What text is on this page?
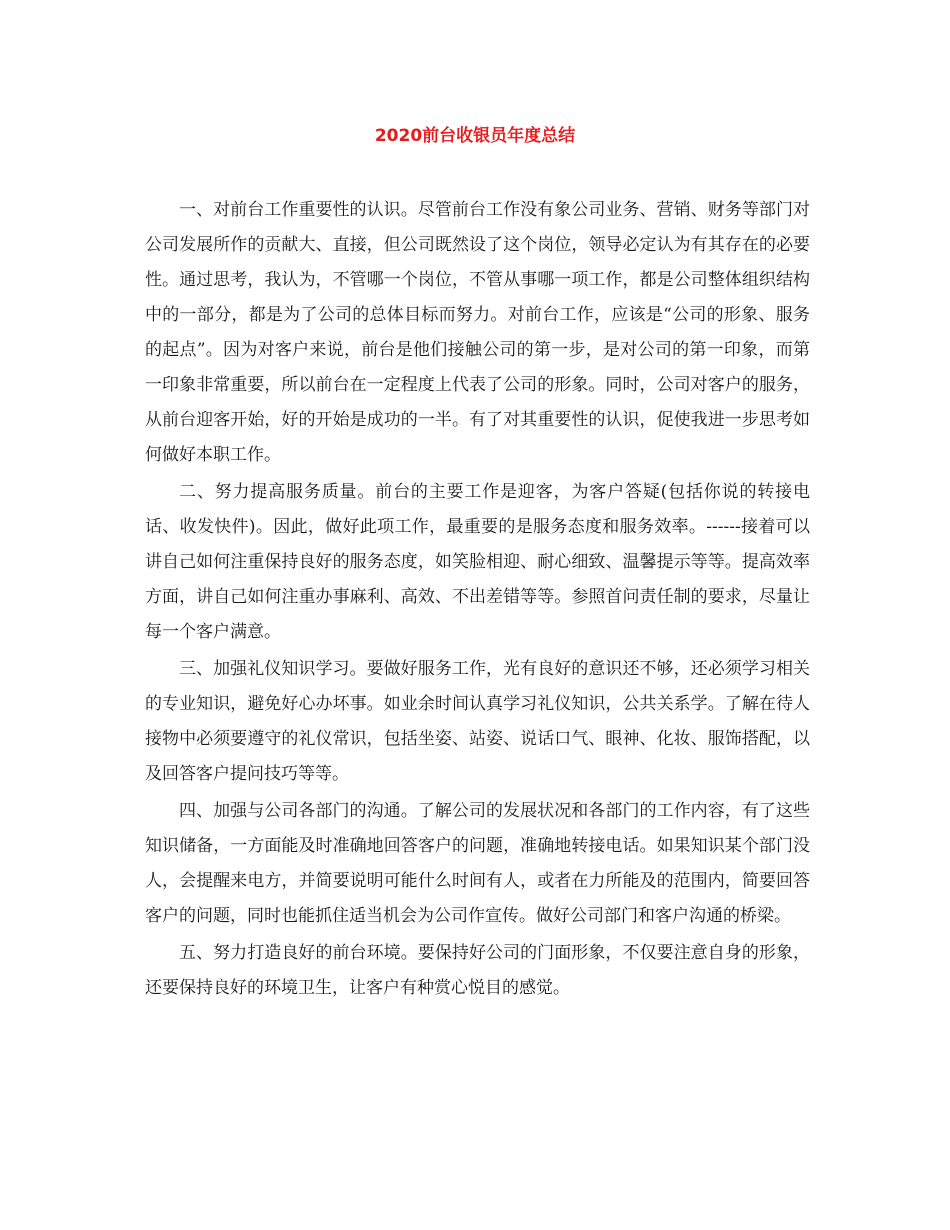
2020前台收银员年度总结

一、对前台工作重要性的认识。尽管前台工作没有象公司业务、营销、财务等部门对公司发展所作的贡献大、直接，但公司既然设了这个岗位，领导必定认为有其存在的必要性。通过思考，我认为，不管哪一个岗位，不管从事哪一项工作，都是公司整体组织结构中的一部分，都是为了公司的总体目标而努力。对前台工作，应该是“公司的形象、服务的起点”。因为对客户来说，前台是他们接触公司的第一步，是对公司的第一印象，而第一印象非常重要，所以前台在一定程度上代表了公司的形象。同时，公司对客户的服务，从前台迎客开始，好的开始是成功的一半。有了对其重要性的认识，促使我进一步思考如何做好本职工作。

二、努力提高服务质量。前台的主要工作是迎客，为客户答疑(包括你说的转接电话、收发快件)。因此，做好此项工作，最重要的是服务态度和服务效率。------接着可以讲自己如何注重保持良好的服务态度，如笑脸相迎、耐心细致、温馨提示等等。提高效率方面，讲自己如何注重办事麻利、高效、不出差错等等。参照首问责任制的要求，尽量让每一个客户满意。

三、加强礼仪知识学习。要做好服务工作，光有良好的意识还不够，还必须学习相关的专业知识，避免好心办坏事。如业余时间认真学习礼仪知识，公共关系学。了解在待人接物中必须要遵守的礼仪常识，包括坐姿、站姿、说话口气、眼神、化妆、服饰搭配，以及回答客户提问技巧等等。

四、加强与公司各部门的沟通。了解公司的发展状况和各部门的工作内容，有了这些知识储备，一方面能及时准确地回答客户的问题，准确地转接电话。如果知识某个部门没人，会提醒来电方，并简要说明可能什么时间有人，或者在力所能及的范围内，简要回答客户的问题，同时也能抓住适当机会为公司作宣传。做好公司部门和客户沟通的桥梁。

五、努力打造良好的前台环境。要保持好公司的门面形象，不仅要注意自身的形象，还要保持良好的环境卫生，让客户有种赏心悦目的感觉。
